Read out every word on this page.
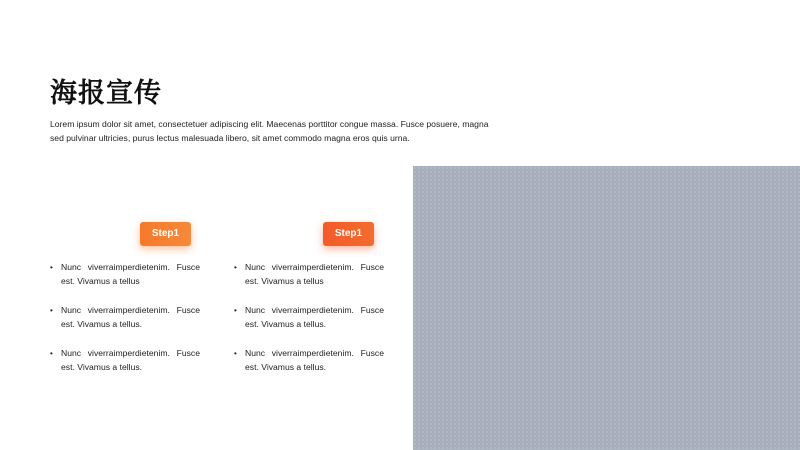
海报宣传
Lorem ipsum dolor sit amet, consectetuer adipiscing elit. Maecenas porttitor congue massa. Fusce posuere, magna sed pulvinar ultricies, purus lectus malesuada libero, sit amet commodo magna eros quis urna.
Step1
• Nunc viverraimperdietenim. Fusce est. Vivamus a tellus
• Nunc viverraimperdietenim. Fusce est. Vivamus a tellus.
• Nunc viverraimperdietenim. Fusce est. Vivamus a tellus.
Step1
• Nunc viverraimperdietenim. Fusce est. Vivamus a tellus
• Nunc viverraimperdietenim. Fusce est. Vivamus a tellus.
• Nunc viverraimperdietenim. Fusce est. Vivamus a tellus.
